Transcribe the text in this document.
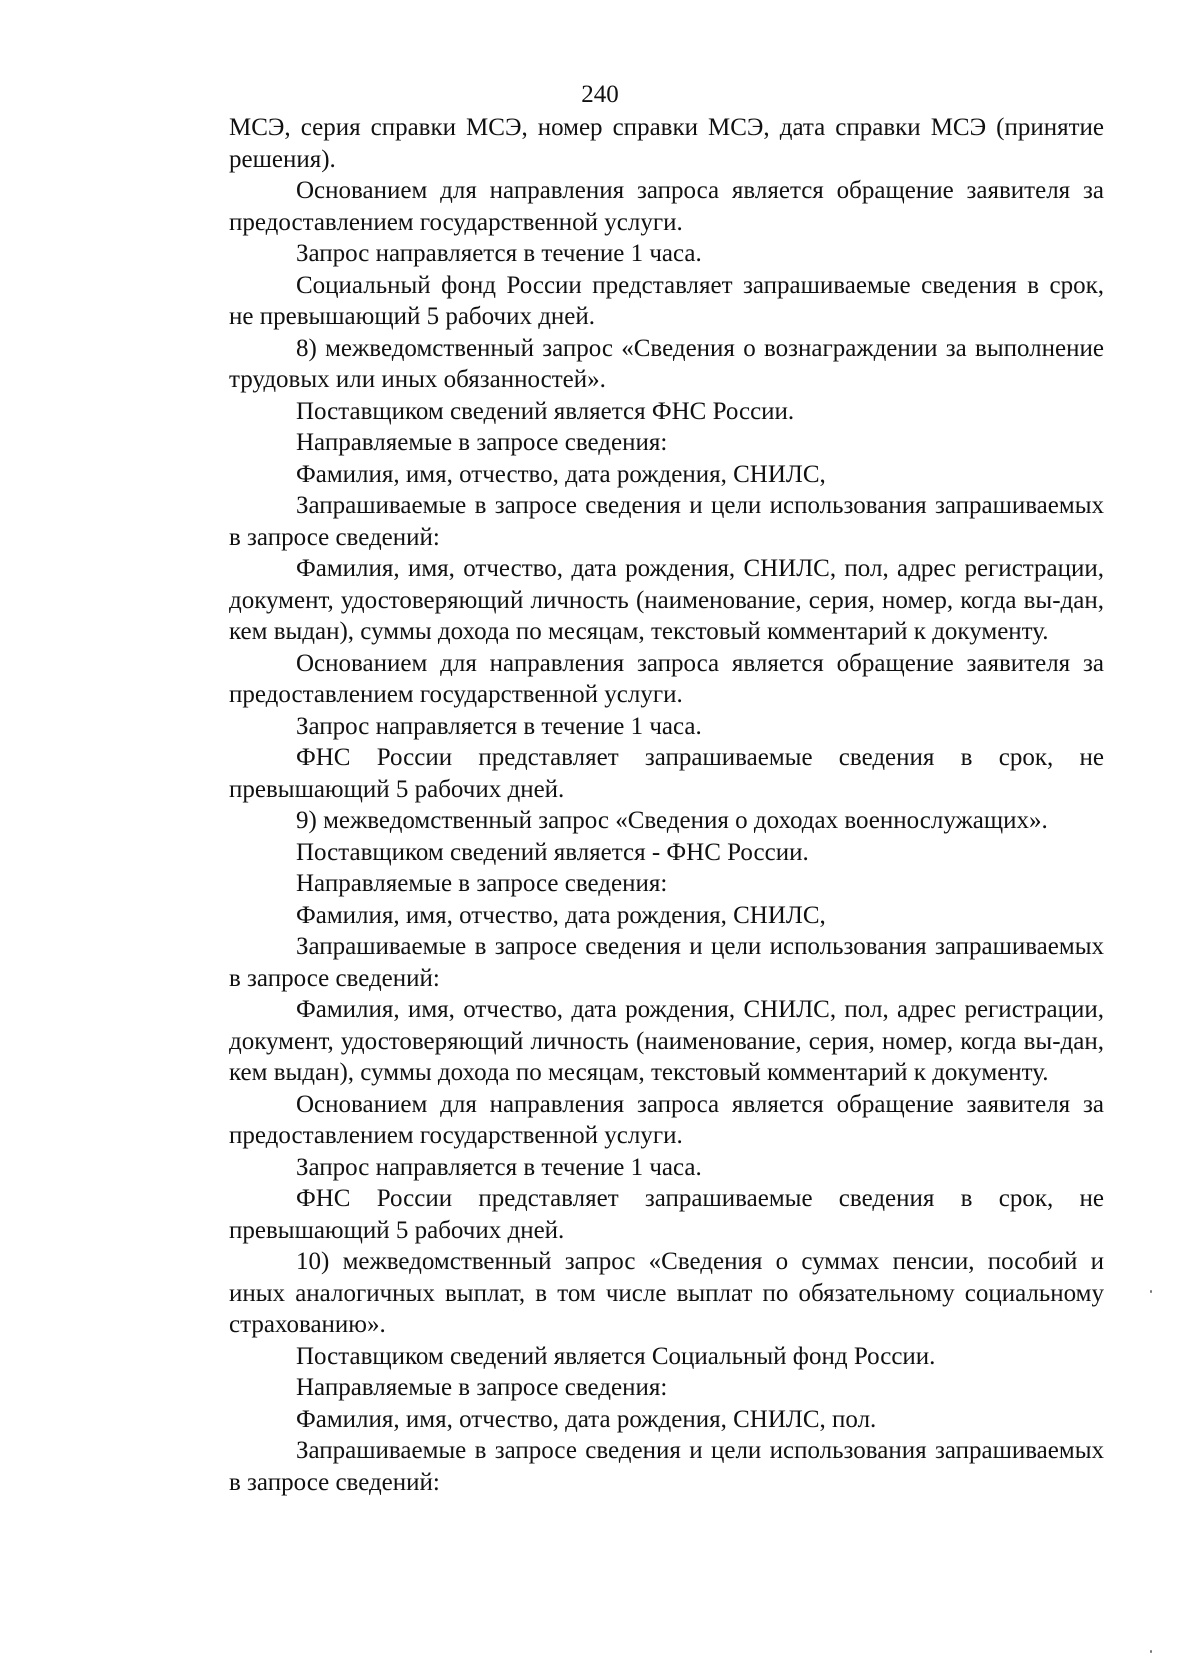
240

МСЭ, серия справки МСЭ, номер справки МСЭ, дата справки МСЭ (принятие решения).

Основанием для направления запроса является обращение заявителя за предоставлением государственной услуги.

Запрос направляется в течение 1 часа.

Социальный фонд России представляет запрашиваемые сведения в срок, не превышающий 5 рабочих дней.

8) межведомственный запрос «Сведения о вознаграждении за выполнение трудовых или иных обязанностей».

Поставщиком сведений является ФНС России.

Направляемые в запросе сведения:

Фамилия, имя, отчество, дата рождения, СНИЛС,

Запрашиваемые в запросе сведения и цели использования запрашиваемых в запросе сведений:

Фамилия, имя, отчество, дата рождения, СНИЛС, пол, адрес регистрации, документ, удостоверяющий личность (наименование, серия, номер, когда вы-дан, кем выдан), суммы дохода по месяцам, текстовый комментарий к документу.

Основанием для направления запроса является обращение заявителя за предоставлением государственной услуги.

Запрос направляется в течение 1 часа.

ФНС России представляет запрашиваемые сведения в срок, не превышающий 5 рабочих дней.

9) межведомственный запрос «Сведения о доходах военнослужащих».

Поставщиком сведений является - ФНС России.

Направляемые в запросе сведения:

Фамилия, имя, отчество, дата рождения, СНИЛС,

Запрашиваемые в запросе сведения и цели использования запрашиваемых в запросе сведений:

Фамилия, имя, отчество, дата рождения, СНИЛС, пол, адрес регистрации, документ, удостоверяющий личность (наименование, серия, номер, когда вы-дан, кем выдан), суммы дохода по месяцам, текстовый комментарий к документу.

Основанием для направления запроса является обращение заявителя за предоставлением государственной услуги.

Запрос направляется в течение 1 часа.

ФНС России представляет запрашиваемые сведения в срок, не превышающий 5 рабочих дней.

10) межведомственный запрос «Сведения о суммах пенсии, пособий и иных аналогичных выплат, в том числе выплат по обязательному социальному страхованию».

Поставщиком сведений является Социальный фонд России.

Направляемые в запросе сведения:

Фамилия, имя, отчество, дата рождения, СНИЛС, пол.

Запрашиваемые в запросе сведения и цели использования запрашиваемых в запросе сведений:
